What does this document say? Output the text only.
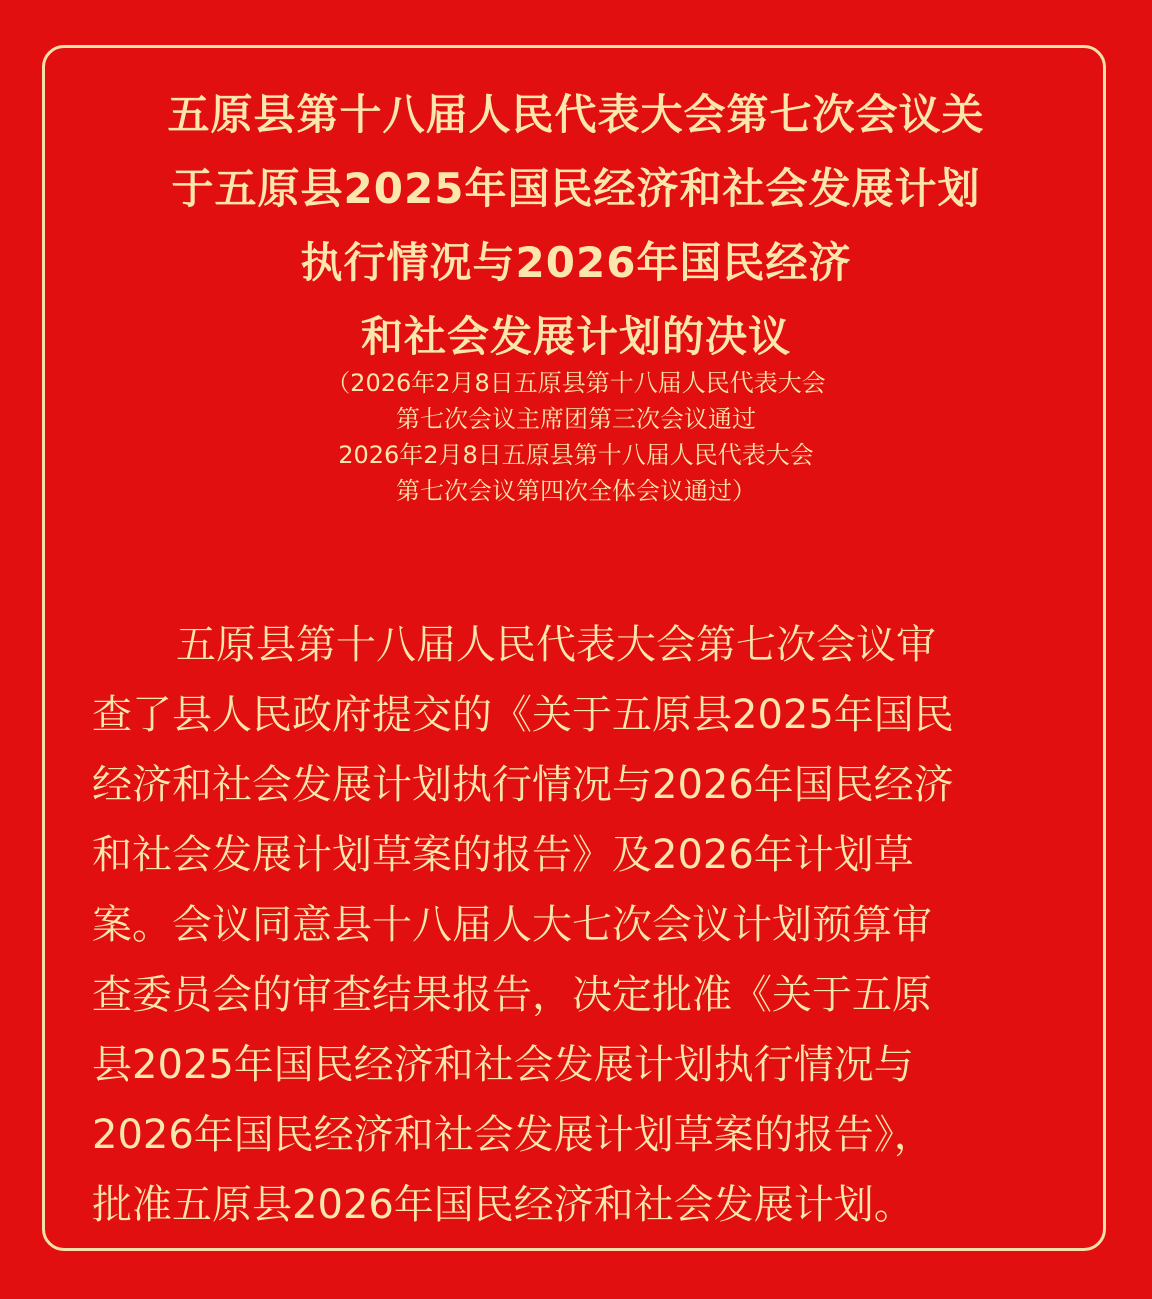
五原县第十八届人民代表大会第七次会议关
于五原县2025年国民经济和社会发展计划
执行情况与2026年国民经济
和社会发展计划的决议
（2026年2月8日五原县第十八届人民代表大会
第七次会议主席团第三次会议通过
2026年2月8日五原县第十八届人民代表大会
第七次会议第四次全体会议通过）
五原县第十八届人民代表大会第七次会议审
查了县人民政府提交的《关于五原县2025年国民
经济和社会发展计划执行情况与2026年国民经济
和社会发展计划草案的报告》及2026年计划草
案。会议同意县十八届人大七次会议计划预算审
查委员会的审查结果报告，决定批准《关于五原
县2025年国民经济和社会发展计划执行情况与
2026年国民经济和社会发展计划草案的报告》，
批准五原县2026年国民经济和社会发展计划。
